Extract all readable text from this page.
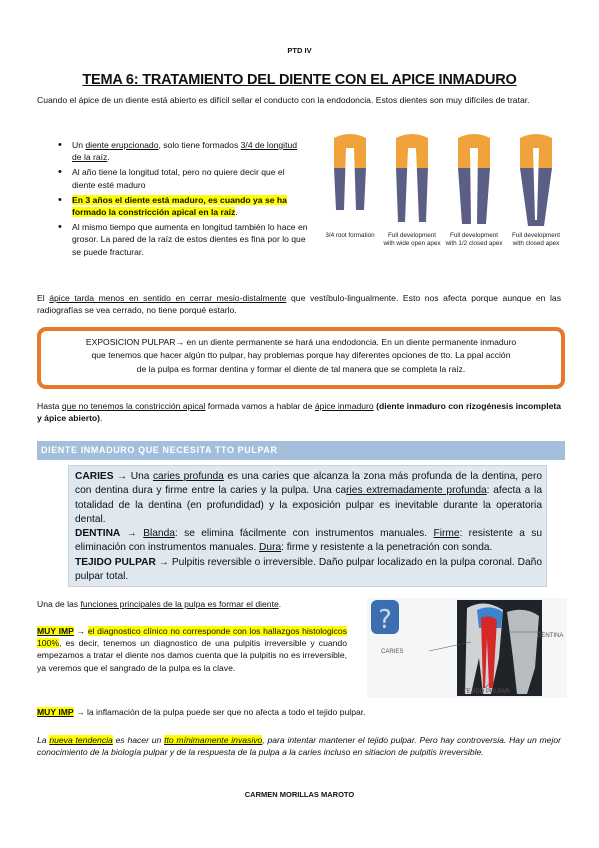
PTD IV
TEMA 6: TRATAMIENTO DEL DIENTE CON EL APICE INMADURO
Cuando el ápice de un diente está abierto es difícil sellar el conducto con la endodoncia. Estos dientes son muy difíciles de tratar.
• Un diente erupcionado, solo tiene formados 3/4 de longitud de la raíz.
• Al año tiene la longitud total, pero no quiere decir que el diente esté maduro
• En 3 años el diente está maduro, es cuando ya se ha formado la constricción apical en la raíz.
• Al mismo tiempo que aumenta en longitud también lo hace en grosor. La pared de la raíz de estos dientes es fina por lo que se puede fracturar.
3/4 root formation	Full development with wide open apex
Full development with 1/2 closed apex
Full development with closed apex
El ápice tarda menos en sentido en cerrar mesio-distalmente que vestíbulo-lingualmente. Esto nos afecta porque aunque en las radiografías se vea cerrado, no tiene porqué estarlo.
EXPOSICION PULPAR→ en un diente permanente se hará una endodoncia. En un diente permanente inmaduro
que tenemos que hacer algún tto pulpar, hay problemas porque hay diferentes opciones de tto. La ppal acción
de la pulpa es formar dentina y formar el diente de tal manera que se completa la raíz.
Hasta que no tenemos la constricción apical formada vamos a hablar de ápice inmaduro (diente inmaduro con rizogénesis incompleta y ápice abierto).
DIENTE INMADURO QUE NECESITA TTO PULPAR
CARIES → Una caries profunda es una caries que alcanza la zona más profunda de la dentina, pero con dentina dura y firme entre la caries y la pulpa. Una caries extremadamente profunda: afecta a la totalidad de la dentina (en profundidad) y la exposición pulpar es inevitable durante la operatoria dental.
DENTINA → Blanda: se elimina fácilmente con instrumentos manuales. Firme: resistente a su eliminación con instrumentos manuales. Dura: firme y resistente a la penetración con sonda.
TEJIDO PULPAR → Pulpitis reversible o irreversible. Daño pulpar localizado en la pulpa coronal. Daño pulpar total.
Una de las funciones principales de la pulpa es formar el diente.
MUY IMP → el diagnostico clínico no corresponde con los hallazgos histologicos 100%, es decir, tenemos un diagnostico de una pulpitis irreversible y cuando empezamos a tratar el diente nos damos cuenta que la pulpitis no es irreversible, ya veremos que el sangrado de la pulpa es la clave.
?
CARIES
DENTINA
TEJIDO PULPAR
MUY IMP → la inflamación de la pulpa puede ser que no afecta a todo el tejido pulpar.
La nueva tendencia es hacer un tto mínimamente invasivo, para intentar mantener el tejido pulpar. Pero hay controversia. Hay un mejor conocimiento de la biología pulpar y de la respuesta de la pulpa a la caries incluso en sitiacion de pulpitis irreversible.
CARMEN MORILLAS MAROTO
